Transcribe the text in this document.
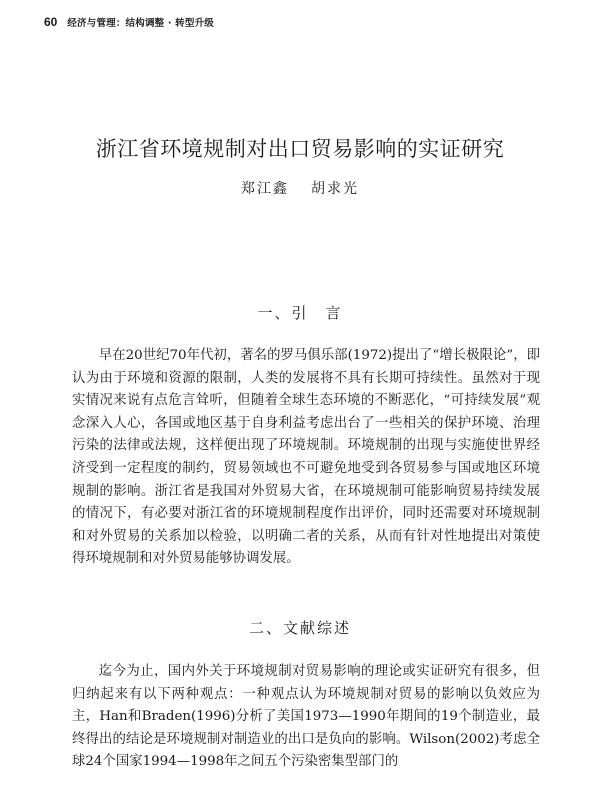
60 经济与管理：结构调整 · 转型升级
浙江省环境规制对出口贸易影响的实证研究
郑江鑫 胡求光
一、引　言

早在20世纪70年代初，著名的罗马俱乐部(1972)提出了“增长极限论”，即认为由于环境和资源的限制，人类的发展将不具有长期可持续性。虽然对于现实情况来说有点危言耸听，但随着全球生态环境的不断恶化，“可持续发展”观念深入人心，各国或地区基于自身利益考虑出台了一些相关的保护环境、治理污染的法律或法规，这样便出现了环境规制。环境规制的出现与实施使世界经济受到一定程度的制约，贸易领域也不可避免地受到各贸易参与国或地区环境规制的影响。浙江省是我国对外贸易大省，在环境规制可能影响贸易持续发展的情况下，有必要对浙江省的环境规制程度作出评价，同时还需要对环境规制和对外贸易的关系加以检验，以明确二者的关系，从而有针对性地提出对策使得环境规制和对外贸易能够协调发展。

二、文献综述

迄今为止，国内外关于环境规制对贸易影响的理论或实证研究有很多，但归纳起来有以下两种观点：一种观点认为环境规制对贸易的影响以负效应为主，Han和Braden(1996)分析了美国1973—1990年期间的19个制造业，最终得出的结论是环境规制对制造业的出口是负向的影响。Wilson(2002)考虑全球24个国家1994—1998年之间五个污染密集型部门的
